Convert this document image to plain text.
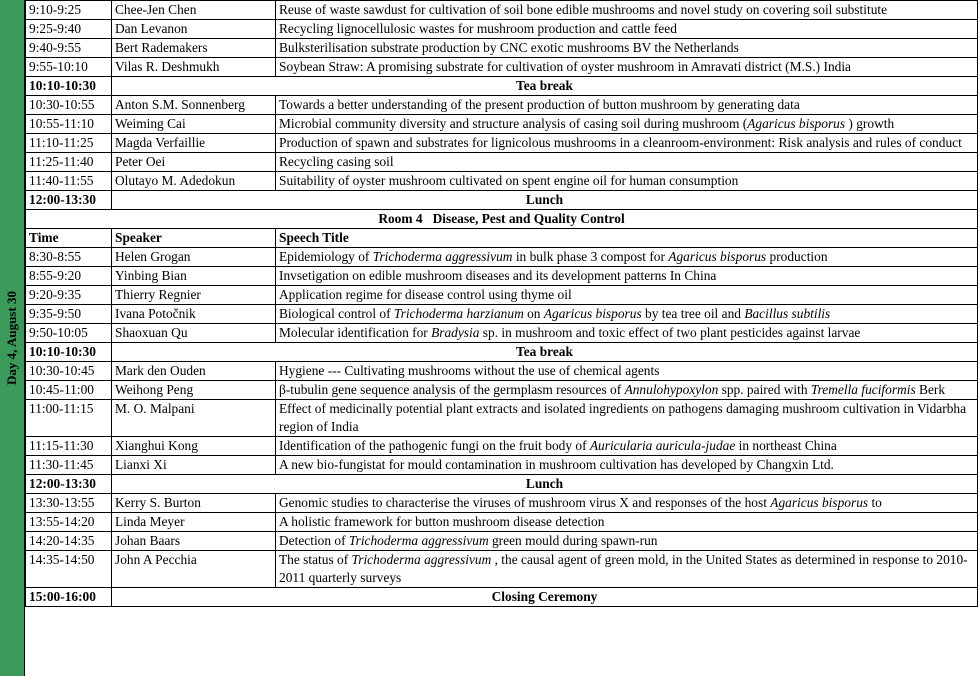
Day 4, August 30
9:10-9:25	Chee-Jen Chen	Reuse of waste sawdust for cultivation of soil bone edible mushrooms and novel study on covering soil substitute
9:25-9:40	Dan Levanon	Recycling lignocellulosic wastes for mushroom production and cattle feed
9:40-9:55	Bert Rademakers	Bulksterilisation substrate production by CNC exotic mushrooms BV the Netherlands
9:55-10:10	Vilas R. Deshmukh	Soybean Straw: A promising substrate for cultivation of oyster mushroom in Amravati district (M.S.) India
10:10-10:30	Tea break	
10:30-10:55	Anton S.M. Sonnenberg	Towards a better understanding of the present production of button mushroom by generating data
10:55-11:10	Weiming Cai	Microbial community diversity and structure analysis of casing soil during mushroom (Agaricus bisporus ) growth
11:10-11:25	Magda Verfaillie	Production of spawn and substrates for lignicolous mushrooms in a cleanroom-environment: Risk analysis and rules of conduct
11:25-11:40	Peter Oei	Recycling casing soil
11:40-11:55	Olutayo M. Adedokun	Suitability of oyster mushroom cultivated on spent engine oil for human consumption
12:00-13:30	Lunch	
Room 4   Disease, Pest and Quality Control		
Time	Speaker	Speech Title
8:30-8:55	Helen Grogan	Epidemiology of Trichoderma aggressivum in bulk phase 3 compost for Agaricus bisporus production
8:55-9:20	Yinbing Bian	Invsetigation on edible mushroom diseases and its development patterns In China
9:20-9:35	Thierry Regnier	Application regime for disease control using thyme oil
9:35-9:50	Ivana Potočnik	Biological control of Trichoderma harzianum on Agaricus bisporus by tea tree oil and Bacillus subtilis
9:50-10:05	Shaoxuan Qu	Molecular identification for Bradysia sp. in mushroom and toxic effect of two plant pesticides against larvae
10:10-10:30	Tea break	
10:30-10:45	Mark den Ouden	Hygiene --- Cultivating mushrooms without the use of chemical agents
10:45-11:00	Weihong Peng	β-tubulin gene sequence analysis of the germplasm resources of Annulohypoxylon spp. paired with Tremella fuciformis Berk
11:00-11:15	M. O. Malpani	Effect of medicinally potential plant extracts and isolated ingredients on pathogens damaging mushroom cultivation in Vidarbha region of India
11:15-11:30	Xianghui Kong	Identification of the pathogenic fungi on the fruit body of Auricularia auricula-judae in northeast China
11:30-11:45	Lianxi Xi	A new bio-fungistat for mould contamination in mushroom cultivation has developed by Changxin Ltd.
12:00-13:30	Lunch	
13:30-13:55	Kerry S. Burton	Genomic studies to characterise the viruses of mushroom virus X and responses of the host Agaricus bisporus to
13:55-14:20	Linda Meyer	A holistic framework for button mushroom disease detection
14:20-14:35	Johan Baars	Detection of Trichoderma aggressivum green mould during spawn-run
14:35-14:50	John A Pecchia	The status of Trichoderma aggressivum , the causal agent of green mold, in the United States as determined in response to 2010-2011 quarterly surveys
15:00-16:00	Closing Ceremony	
